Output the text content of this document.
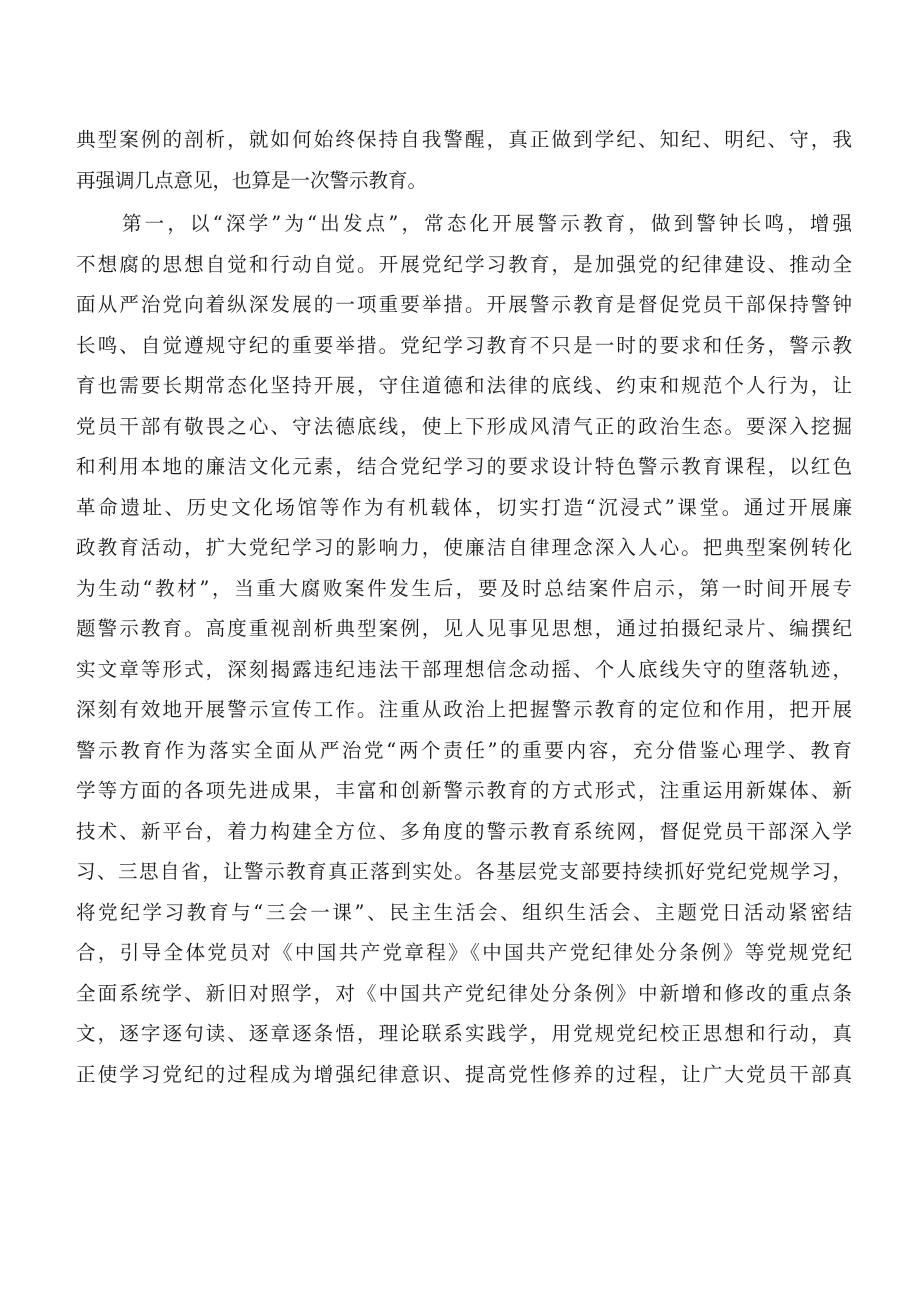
典型案例的剖析，就如何始终保持自我警醒，真正做到学纪、知纪、明纪、守，我
再强调几点意见，也算是一次警示教育。
第一，以“深学”为“出发点”，常态化开展警示教育，做到警钟长鸣，增强
不想腐的思想自觉和行动自觉。开展党纪学习教育，是加强党的纪律建设、推动全
面从严治党向着纵深发展的一项重要举措。开展警示教育是督促党员干部保持警钟
长鸣、自觉遵规守纪的重要举措。党纪学习教育不只是一时的要求和任务，警示教
育也需要长期常态化坚持开展，守住道德和法律的底线、约束和规范个人行为，让
党员干部有敬畏之心、守法德底线，使上下形成风清气正的政治生态。要深入挖掘
和利用本地的廉洁文化元素，结合党纪学习的要求设计特色警示教育课程，以红色
革命遗址、历史文化场馆等作为有机载体，切实打造“沉浸式”课堂。通过开展廉
政教育活动，扩大党纪学习的影响力，使廉洁自律理念深入人心。把典型案例转化
为生动“教材”，当重大腐败案件发生后，要及时总结案件启示，第一时间开展专
题警示教育。高度重视剖析典型案例，见人见事见思想，通过拍摄纪录片、编撰纪
实文章等形式，深刻揭露违纪违法干部理想信念动摇、个人底线失守的堕落轨迹，
深刻有效地开展警示宣传工作。注重从政治上把握警示教育的定位和作用，把开展
警示教育作为落实全面从严治党“两个责任”的重要内容，充分借鉴心理学、教育
学等方面的各项先进成果，丰富和创新警示教育的方式形式，注重运用新媒体、新
技术、新平台，着力构建全方位、多角度的警示教育系统网，督促党员干部深入学
习、三思自省，让警示教育真正落到实处。各基层党支部要持续抓好党纪党规学习，
将党纪学习教育与“三会一课”、民主生活会、组织生活会、主题党日活动紧密结
合，引导全体党员对《中国共产党章程》《中国共产党纪律处分条例》等党规党纪
全面系统学、新旧对照学，对《中国共产党纪律处分条例》中新增和修改的重点条
文，逐字逐句读、逐章逐条悟，理论联系实践学，用党规党纪校正思想和行动，真
正使学习党纪的过程成为增强纪律意识、提高党性修养的过程，让广大党员干部真
